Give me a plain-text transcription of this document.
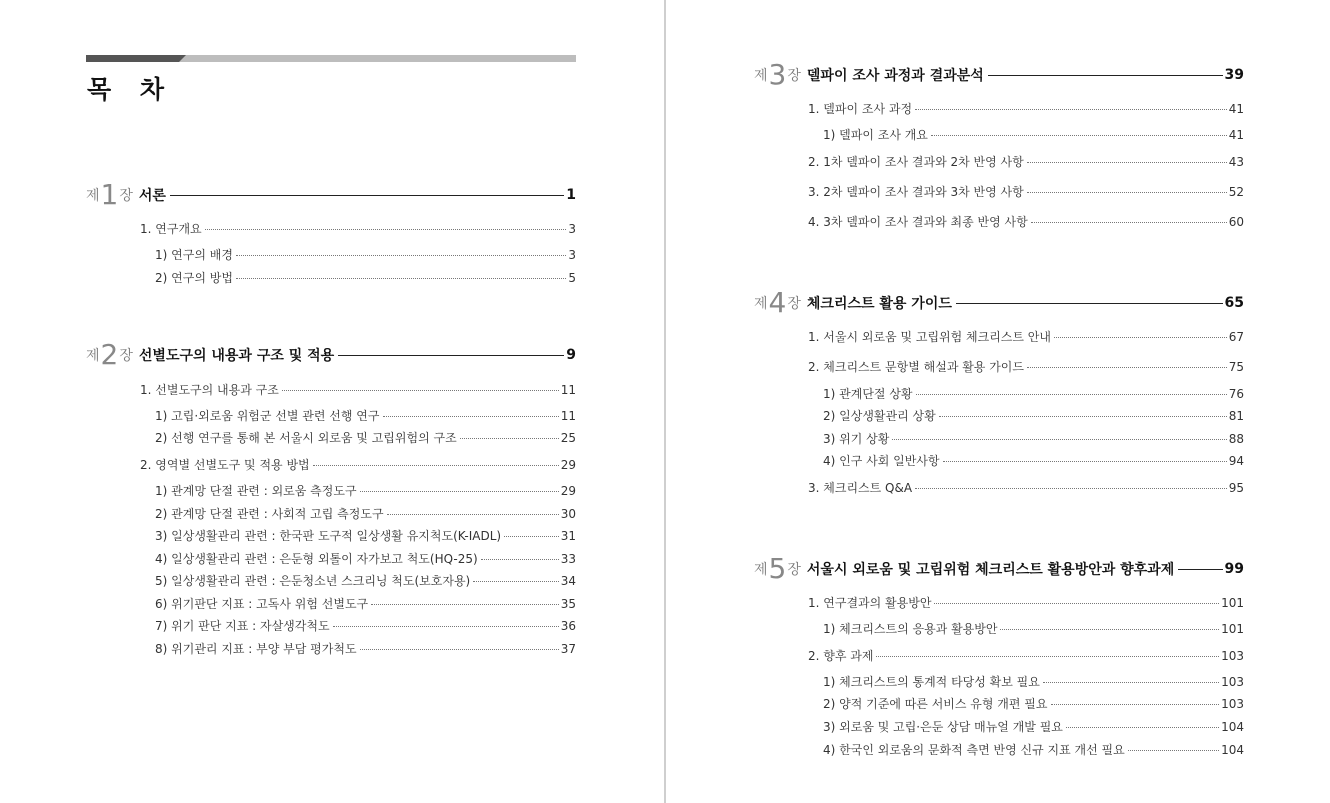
목 차
제 1 장 서론	1
1. 연구개요	3
1) 연구의 배경	3
2) 연구의 방법	5
제 2 장 선별도구의 내용과 구조 및 적용	9
1. 선별도구의 내용과 구조	11
1) 고립·외로움 위험군 선별 관련 선행 연구	11
2) 선행 연구를 통해 본 서울시 외로움 및 고립위험의 구조	25
2. 영역별 선별도구 및 적용 방법	29
1) 관계망 단절 관련 : 외로움 측정도구	29
2) 관계망 단절 관련 : 사회적 고립 측정도구	30
3) 일상생활관리 관련 : 한국판 도구적 일상생활 유지척도(K-IADL)	31
4) 일상생활관리 관련 : 은둔형 외톨이 자가보고 척도(HQ-25)	33
5) 일상생활관리 관련 : 은둔청소년 스크리닝 척도(보호자용)	34
6) 위기판단 지표 : 고독사 위험 선별도구	35
7) 위기 판단 지표 : 자살생각척도	36
8) 위기관리 지표 : 부양 부담 평가척도	37
제 3 장 델파이 조사 과정과 결과분석	39
1. 델파이 조사 과정	41
1) 델파이 조사 개요	41
2. 1차 델파이 조사 결과와 2차 반영 사항	43
3. 2차 델파이 조사 결과와 3차 반영 사항	52
4. 3차 델파이 조사 결과와 최종 반영 사항	60
제 4 장 체크리스트 활용 가이드	65
1. 서울시 외로움 및 고립위험 체크리스트 안내	67
2. 체크리스트 문항별 해설과 활용 가이드	75
1) 관계단절 상황	76
2) 일상생활관리 상황	81
3) 위기 상황	88
4) 인구 사회 일반사항	94
3. 체크리스트 Q&A	95
제 5 장 서울시 외로움 및 고립위험 체크리스트 활용방안과 향후과제	99
1. 연구결과의 활용방안	101
1) 체크리스트의 응용과 활용방안	101
2. 향후 과제	103
1) 체크리스트의 통계적 타당성 확보 필요	103
2) 양적 기준에 따른 서비스 유형 개편 필요	103
3) 외로움 및 고립·은둔 상담 매뉴얼 개발 필요	104
4) 한국인 외로움의 문화적 측면 반영 신규 지표 개선 필요	104
